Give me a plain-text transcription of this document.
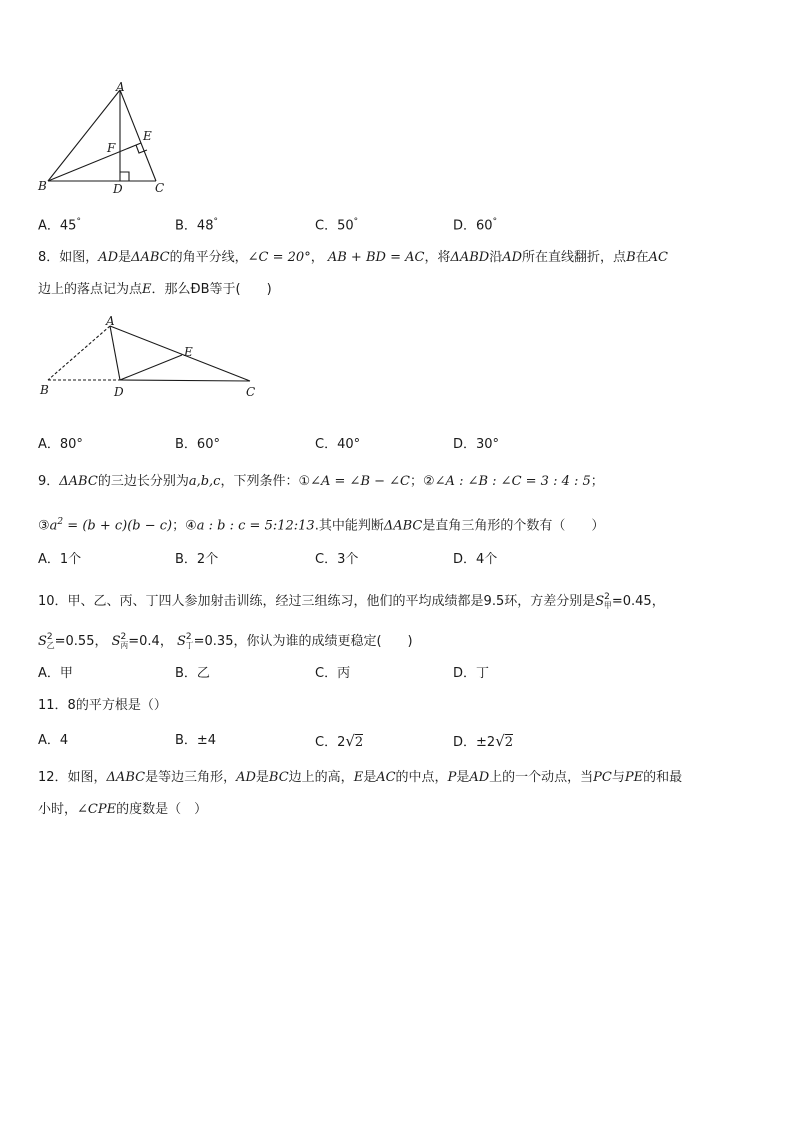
A
B	C
D
E
F
A．45°	B．48°	C．50°	D．60°
8．如图，AD是ΔABC的角平分线，∠C = 20°， AB + BD = AC，将ΔABD沿AD所在直线翻折，点B在AC
边上的落点记为点E．那么ÐB等于(　　)
A
B	C
D
E
A．80°	B．60°	C．40°	D．30°
9．ΔABC的三边长分别为a,b,c，下列条件：①∠A = ∠B − ∠C；②∠A : ∠B : ∠C = 3 : 4 : 5；
$③a^2 = (b + c)(b - c)$；④a : b : c = 5:12:13.其中能判断ΔABC是直角三角形的个数有（　　）
A．1个	B．2个	C．3个	D．4个
10．甲、乙、丙、丁四人参加射击训练，经过三组练习，他们的平均成绩都是9.5环，方差分别是$S^2_甲=0.45$，
$S^2_乙=0.55$， $S^2_丙=0.4$， $S^2_丁=0.35$，你认为谁的成绩更稳定(　　)
A．甲	B．乙	C．丙	D．丁
11．8的平方根是（）
A．4	B．±4	C．2√2	D．±2√2
12．如图，ΔABC是等边三角形，AD是BC边上的高，E是AC的中点，P是AD上的一个动点，当PC与PE的和最
小时，∠CPE的度数是（　）
